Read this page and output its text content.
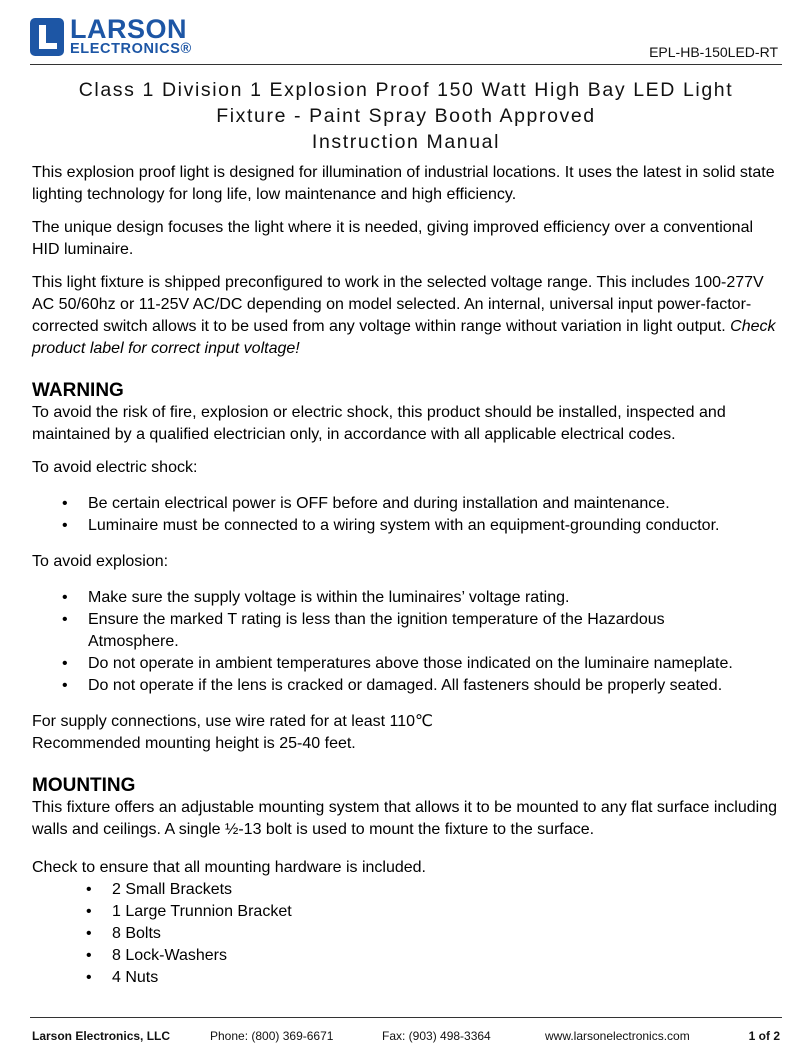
LARSON
ELECTRONICS®	EPL-HB-150LED-RT
Class 1 Division 1 Explosion Proof 150 Watt High Bay LED Light
Fixture - Paint Spray Booth Approved
Instruction Manual

This explosion proof light is designed for illumination of industrial locations. It uses the latest in solid state lighting technology for long life, low maintenance and high efficiency.

The unique design focuses the light where it is needed, giving improved efficiency over a conventional HID luminaire.

This light fixture is shipped preconfigured to work in the selected voltage range. This includes 100-277V AC 50/60hz or 11-25V AC/DC depending on model selected. An internal, universal input power-factor-corrected switch allows it to be used from any voltage within range without variation in light output. Check product label for correct input voltage!

WARNING

To avoid the risk of fire, explosion or electric shock, this product should be installed, inspected and maintained by a qualified electrician only, in accordance with all applicable electrical codes.

To avoid electric shock:

• Be certain electrical power is OFF before and during installation and maintenance.
• Luminaire must be connected to a wiring system with an equipment-grounding conductor.

To avoid explosion:

• Make sure the supply voltage is within the luminaires’ voltage rating.
• Ensure the marked T rating is less than the ignition temperature of the Hazardous Atmosphere.
• Do not operate in ambient temperatures above those indicated on the luminaire nameplate.
• Do not operate if the lens is cracked or damaged. All fasteners should be properly seated.
For supply connections, use wire rated for at least 110℃
Recommended mounting height is 25-40 feet.
MOUNTING

This fixture offers an adjustable mounting system that allows it to be mounted to any flat surface including walls and ceilings. A single ½-13 bolt is used to mount the fixture to the surface.

Check to ensure that all mounting hardware is included.
• 2 Small Brackets
• 1 Large Trunnion Bracket
• 8 Bolts
• 8 Lock-Washers
• 4 Nuts
Larson Electronics, LLC	Phone: (800) 369-6671	Fax: (903) 498-3364	www.larsonelectronics.com	1 of 2
